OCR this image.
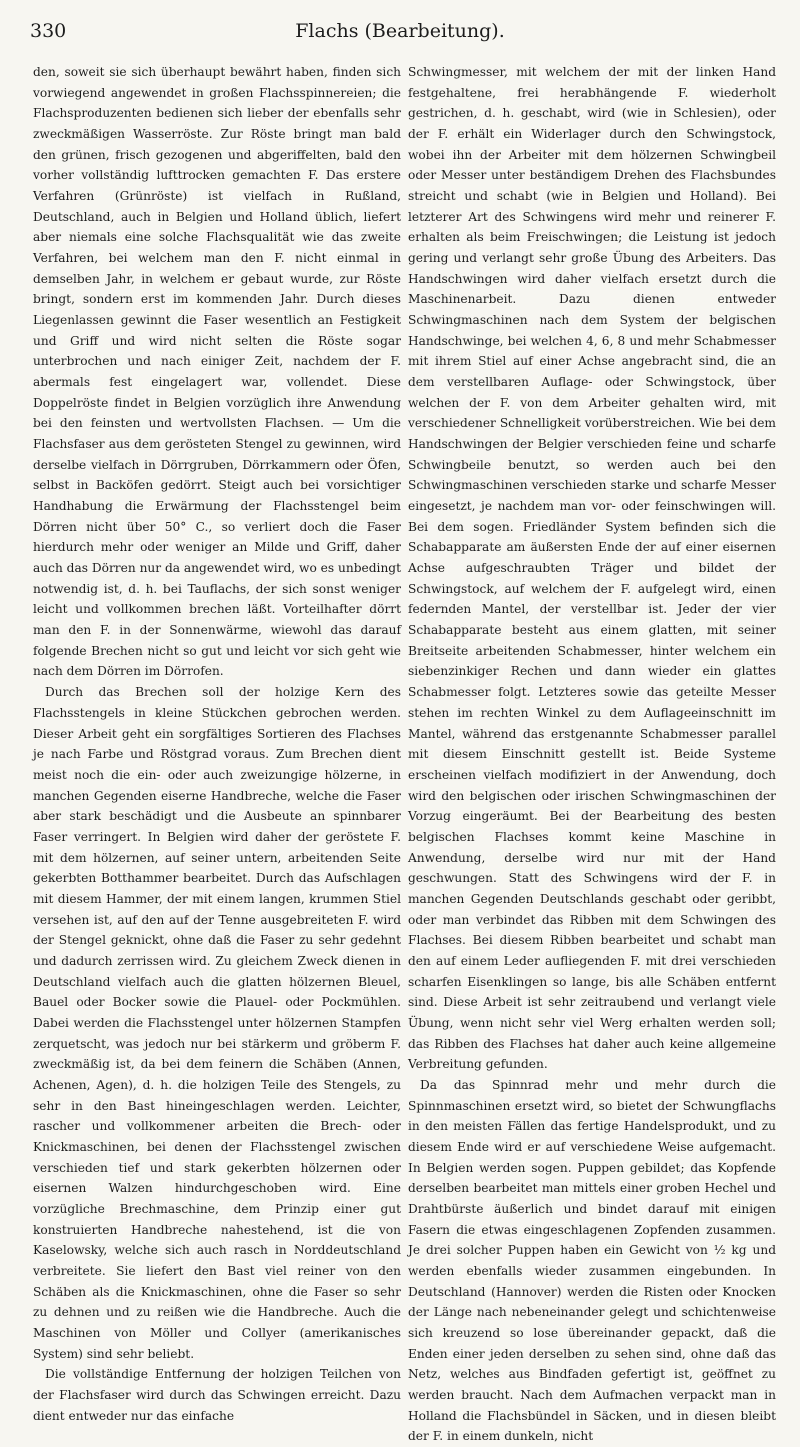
330	Flachs (Bearbeitung).

den, soweit sie sich überhaupt bewährt haben, finden sich vorwiegend angewendet in großen Flachsspinnereien; die Flachsproduzenten bedienen sich lieber der ebenfalls sehr zweckmäßigen Wasserröste. Zur Röste bringt man bald den grünen, frisch gezogenen und abgeriffelten, bald den vorher vollständig lufttrocken gemachten F. Das erstere Verfahren (Grünröste) ist vielfach in Rußland, Deutschland, auch in Belgien und Holland üblich, liefert aber niemals eine solche Flachsqualität wie das zweite Verfahren, bei welchem man den F. nicht einmal in demselben Jahr, in welchem er gebaut wurde, zur Röste bringt, sondern erst im kommenden Jahr. Durch dieses Liegenlassen gewinnt die Faser wesentlich an Festigkeit und Griff und wird nicht selten die Röste sogar unterbrochen und nach einiger Zeit, nachdem der F. abermals fest eingelagert war, vollendet. Diese Doppelröste findet in Belgien vorzüglich ihre Anwendung bei den feinsten und wertvollsten Flachsen. — Um die Flachsfaser aus dem gerösteten Stengel zu gewinnen, wird derselbe vielfach in Dörrgruben, Dörrkammern oder Öfen, selbst in Backöfen gedörrt. Steigt auch bei vorsichtiger Handhabung die Erwärmung der Flachsstengel beim Dörren nicht über 50° C., so verliert doch die Faser hierdurch mehr oder weniger an Milde und Griff, daher auch das Dörren nur da angewendet wird, wo es unbedingt notwendig ist, d. h. bei Tauflachs, der sich sonst weniger leicht und vollkommen brechen läßt. Vorteilhafter dörrt man den F. in der Sonnenwärme, wiewohl das darauf folgende Brechen nicht so gut und leicht vor sich geht wie nach dem Dörren im Dörrofen.

Durch das Brechen soll der holzige Kern des Flachsstengels in kleine Stückchen gebrochen werden. Dieser Arbeit geht ein sorgfältiges Sortieren des Flachses je nach Farbe und Röstgrad voraus. Zum Brechen dient meist noch die ein- oder auch zweizungige hölzerne, in manchen Gegenden eiserne Handbreche, welche die Faser aber stark beschädigt und die Ausbeute an spinnbarer Faser verringert. In Belgien wird daher der geröstete F. mit dem hölzernen, auf seiner untern, arbeitenden Seite gekerbten Botthammer bearbeitet. Durch das Aufschlagen mit diesem Hammer, der mit einem langen, krummen Stiel versehen ist, auf den auf der Tenne ausgebreiteten F. wird der Stengel geknickt, ohne daß die Faser zu sehr gedehnt und dadurch zerrissen wird. Zu gleichem Zweck dienen in Deutschland vielfach auch die glatten hölzernen Bleuel, Bauel oder Bocker sowie die Plauel- oder Pockmühlen. Dabei werden die Flachsstengel unter hölzernen Stampfen zerquetscht, was jedoch nur bei stärkerm und gröberm F. zweckmäßig ist, da bei dem feinern die Schäben (Annen, Achenen, Agen), d. h. die holzigen Teile des Stengels, zu sehr in den Bast hineingeschlagen werden. Leichter, rascher und vollkommener arbeiten die Brech- oder Knickmaschinen, bei denen der Flachsstengel zwischen verschieden tief und stark gekerbten hölzernen oder eisernen Walzen hindurchgeschoben wird. Eine vorzügliche Brechmaschine, dem Prinzip einer gut konstruierten Handbreche nahestehend, ist die von Kaselowsky, welche sich auch rasch in Norddeutschland verbreitete. Sie liefert den Bast viel reiner von den Schäben als die Knickmaschinen, ohne die Faser so sehr zu dehnen und zu reißen wie die Handbreche. Auch die Maschinen von Möller und Collyer (amerikanisches System) sind sehr beliebt.

Die vollständige Entfernung der holzigen Teilchen von der Flachsfaser wird durch das Schwingen erreicht. Dazu dient entweder nur das einfache

Schwingmesser, mit welchem der mit der linken Hand festgehaltene, frei herabhängende F. wiederholt gestrichen, d. h. geschabt, wird (wie in Schlesien), oder der F. erhält ein Widerlager durch den Schwingstock, wobei ihn der Arbeiter mit dem hölzernen Schwingbeil oder Messer unter beständigem Drehen des Flachsbundes streicht und schabt (wie in Belgien und Holland). Bei letzterer Art des Schwingens wird mehr und reinerer F. erhalten als beim Freischwingen; die Leistung ist jedoch gering und verlangt sehr große Übung des Arbeiters. Das Handschwingen wird daher vielfach ersetzt durch die Maschinenarbeit. Dazu dienen entweder Schwingmaschinen nach dem System der belgischen Handschwinge, bei welchen 4, 6, 8 und mehr Schabmesser mit ihrem Stiel auf einer Achse angebracht sind, die an dem verstellbaren Auflage- oder Schwingstock, über welchen der F. von dem Arbeiter gehalten wird, mit verschiedener Schnelligkeit vorüberstreichen. Wie bei dem Handschwingen der Belgier verschieden feine und scharfe Schwingbeile benutzt, so werden auch bei den Schwingmaschinen verschieden starke und scharfe Messer eingesetzt, je nachdem man vor- oder feinschwingen will. Bei dem sogen. Friedländer System befinden sich die Schabapparate am äußersten Ende der auf einer eisernen Achse aufgeschraubten Träger und bildet der Schwingstock, auf welchem der F. aufgelegt wird, einen federnden Mantel, der verstellbar ist. Jeder der vier Schabapparate besteht aus einem glatten, mit seiner Breitseite arbeitenden Schabmesser, hinter welchem ein siebenzinkiger Rechen und dann wieder ein glattes Schabmesser folgt. Letzteres sowie das geteilte Messer stehen im rechten Winkel zu dem Auflageeinschnitt im Mantel, während das erstgenannte Schabmesser parallel mit diesem Einschnitt gestellt ist. Beide Systeme erscheinen vielfach modifiziert in der Anwendung, doch wird den belgischen oder irischen Schwingmaschinen der Vorzug eingeräumt. Bei der Bearbeitung des besten belgischen Flachses kommt keine Maschine in Anwendung, derselbe wird nur mit der Hand geschwungen. Statt des Schwingens wird der F. in manchen Gegenden Deutschlands geschabt oder geribbt, oder man verbindet das Ribben mit dem Schwingen des Flachses. Bei diesem Ribben bearbeitet und schabt man den auf einem Leder aufliegenden F. mit drei verschieden scharfen Eisenklingen so lange, bis alle Schäben entfernt sind. Diese Arbeit ist sehr zeitraubend und verlangt viele Übung, wenn nicht sehr viel Werg erhalten werden soll; das Ribben des Flachses hat daher auch keine allgemeine Verbreitung gefunden.

Da das Spinnrad mehr und mehr durch die Spinnmaschinen ersetzt wird, so bietet der Schwungflachs in den meisten Fällen das fertige Handelsprodukt, und zu diesem Ende wird er auf verschiedene Weise aufgemacht. In Belgien werden sogen. Puppen gebildet; das Kopfende derselben bearbeitet man mittels einer groben Hechel und Drahtbürste äußerlich und bindet darauf mit einigen Fasern die etwas eingeschlagenen Zopfenden zusammen. Je drei solcher Puppen haben ein Gewicht von ½ kg und werden ebenfalls wieder zusammen eingebunden. In Deutschland (Hannover) werden die Risten oder Knocken der Länge nach nebeneinander gelegt und schichtenweise sich kreuzend so lose übereinander gepackt, daß die Enden einer jeden derselben zu sehen sind, ohne daß das Netz, welches aus Bindfaden gefertigt ist, geöffnet zu werden braucht. Nach dem Aufmachen verpackt man in Holland die Flachsbündel in Säcken, und in diesen bleibt der F. in einem dunkeln, nicht
